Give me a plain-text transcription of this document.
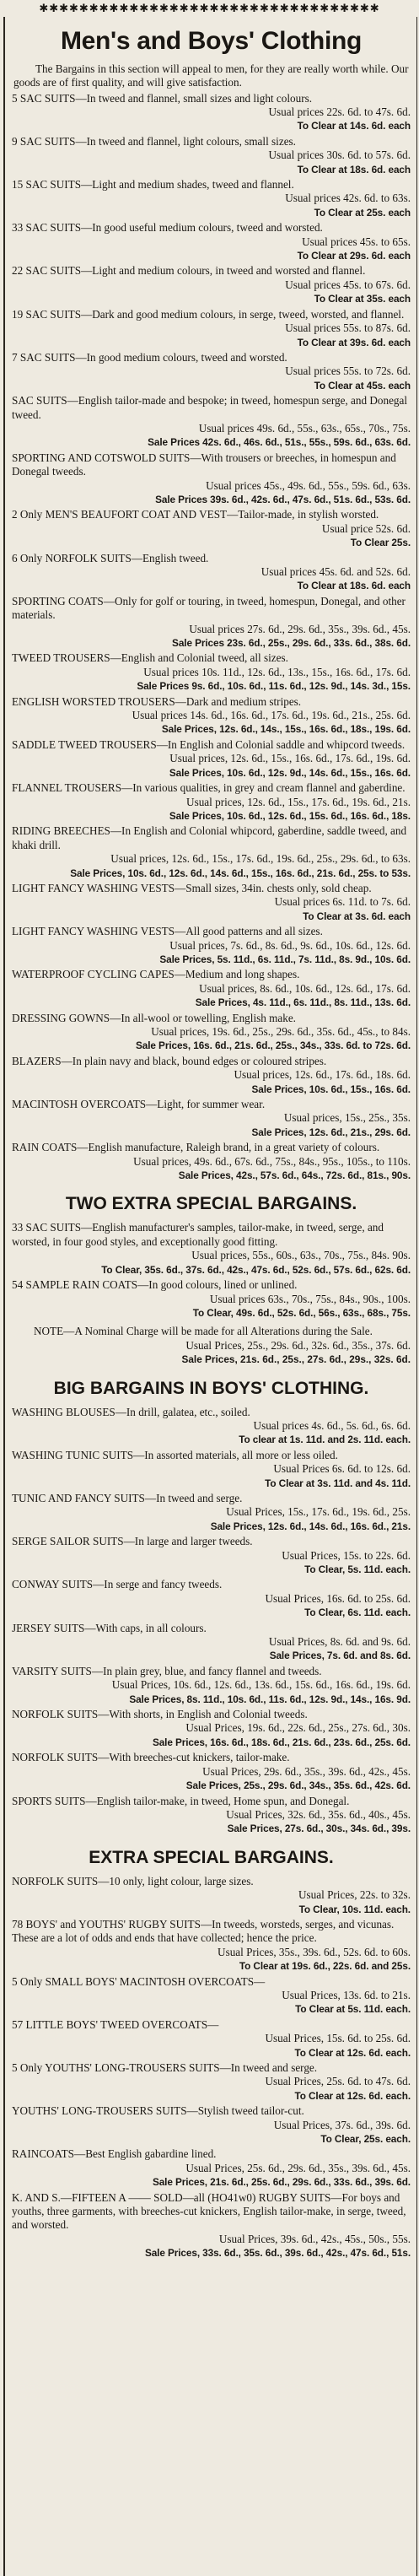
✱✱✱✱✱✱✱✱✱✱✱✱✱✱✱✱✱✱✱✱✱✱✱✱✱✱✱✱✱✱✱✱✱✱
Men's and Boys' Clothing

The Bargains in this section will appeal to men, for they are really worth while. Our goods are of first quality, and will give satisfaction.

5 SAC SUITS—In tweed and flannel, small sizes and light colours.
Usual prices 22s. 6d. to 47s. 6d.
To Clear at 14s. 6d. each
9 SAC SUITS—In tweed and flannel, light colours, small sizes.
Usual prices 30s. 6d. to 57s. 6d.
To Clear at 18s. 6d. each
15 SAC SUITS—Light and medium shades, tweed and flannel.
Usual prices 42s. 6d. to 63s.
To Clear at 25s. each
33 SAC SUITS—In good useful medium colours, tweed and worsted.
Usual prices 45s. to 65s.
To Clear at 29s. 6d. each
22 SAC SUITS—Light and medium colours, in tweed and worsted and flannel.
Usual prices 45s. to 67s. 6d.
To Clear at 35s. each
19 SAC SUITS—Dark and good medium colours, in serge, tweed, worsted, and flannel.
Usual prices 55s. to 87s. 6d.
To Clear at 39s. 6d. each
7 SAC SUITS—In good medium colours, tweed and worsted.
Usual prices 55s. to 72s. 6d.
To Clear at 45s. each
SAC SUITS—English tailor-made and bespoke; in tweed, homespun serge, and Donegal tweed.
Usual prices 49s. 6d., 55s., 63s., 65s., 70s., 75s.
Sale Prices 42s. 6d., 46s. 6d., 51s., 55s., 59s. 6d., 63s. 6d.
SPORTING AND COTSWOLD SUITS—With trousers or breeches, in homespun and Donegal tweeds.
Usual prices 45s., 49s. 6d., 55s., 59s. 6d., 63s.
Sale Prices 39s. 6d., 42s. 6d., 47s. 6d., 51s. 6d., 53s. 6d.
2 Only MEN'S BEAUFORT COAT AND VEST—Tailor-made, in stylish worsted.
Usual price 52s. 6d.
To Clear 25s.
6 Only NORFOLK SUITS—English tweed.
Usual prices 45s. 6d. and 52s. 6d.
To Clear at 18s. 6d. each
SPORTING COATS—Only for golf or touring, in tweed, homespun, Donegal, and other materials.
Usual prices 27s. 6d., 29s. 6d., 35s., 39s. 6d., 45s.
Sale Prices 23s. 6d., 25s., 29s. 6d., 33s. 6d., 38s. 6d.
TWEED TROUSERS—English and Colonial tweed, all sizes.
Usual prices 10s. 11d., 12s. 6d., 13s., 15s., 16s. 6d., 17s. 6d.
Sale Prices 9s. 6d., 10s. 6d., 11s. 6d., 12s. 9d., 14s. 3d., 15s.
ENGLISH WORSTED TROUSERS—Dark and medium stripes.
Usual prices 14s. 6d., 16s. 6d., 17s. 6d., 19s. 6d., 21s., 25s. 6d.
Sale Prices, 12s. 6d., 14s., 15s., 16s. 6d., 18s., 19s. 6d.
SADDLE TWEED TROUSERS—In English and Colonial saddle and whipcord tweeds.
Usual prices, 12s. 6d., 15s., 16s. 6d., 17s. 6d., 19s. 6d.
Sale Prices, 10s. 6d., 12s. 9d., 14s. 6d., 15s., 16s. 6d.
FLANNEL TROUSERS—In various qualities, in grey and cream flannel and gaberdine.
Usual prices, 12s. 6d., 15s., 17s. 6d., 19s. 6d., 21s.
Sale Prices, 10s. 6d., 12s. 6d., 15s. 6d., 16s. 6d., 18s.
RIDING BREECHES—In English and Colonial whipcord, gaberdine, saddle tweed, and khaki drill.
Usual prices, 12s. 6d., 15s., 17s. 6d., 19s. 6d., 25s., 29s. 6d., to 63s.
Sale Prices, 10s. 6d., 12s. 6d., 14s. 6d., 15s., 16s. 6d., 21s. 6d., 25s. to 53s.
LIGHT FANCY WASHING VESTS—Small sizes, 34in. chests only, sold cheap.
Usual prices 6s. 11d. to 7s. 6d.
To Clear at 3s. 6d. each
LIGHT FANCY WASHING VESTS—All good patterns and all sizes.
Usual prices, 7s. 6d., 8s. 6d., 9s. 6d., 10s. 6d., 12s. 6d.
Sale Prices, 5s. 11d., 6s. 11d., 7s. 11d., 8s. 9d., 10s. 6d.
WATERPROOF CYCLING CAPES—Medium and long shapes.
Usual prices, 8s. 6d., 10s. 6d., 12s. 6d., 17s. 6d.
Sale Prices, 4s. 11d., 6s. 11d., 8s. 11d., 13s. 6d.
DRESSING GOWNS—In all-wool or towelling, English make.
Usual prices, 19s. 6d., 25s., 29s. 6d., 35s. 6d., 45s., to 84s.
Sale Prices, 16s. 6d., 21s. 6d., 25s., 34s., 33s. 6d. to 72s. 6d.
BLAZERS—In plain navy and black, bound edges or coloured stripes.
Usual prices, 12s. 6d., 17s. 6d., 18s. 6d.
Sale Prices, 10s. 6d., 15s., 16s. 6d.
MACINTOSH OVERCOATS—Light, for summer wear.
Usual prices, 15s., 25s., 35s.
Sale Prices, 12s. 6d., 21s., 29s. 6d.
RAIN COATS—English manufacture, Raleigh brand, in a great variety of colours.
Usual prices, 49s. 6d., 67s. 6d., 75s., 84s., 95s., 105s., to 110s.
Sale Prices, 42s., 57s. 6d., 64s., 72s. 6d., 81s., 90s.
TWO EXTRA SPECIAL BARGAINS.
33 SAC SUITS—English manufacturer's samples, tailor-make, in tweed, serge, and worsted, in four good styles, and exceptionally good fitting.
Usual prices, 55s., 60s., 63s., 70s., 75s., 84s. 90s.
To Clear, 35s. 6d., 37s. 6d., 42s., 47s. 6d., 52s. 6d., 57s. 6d., 62s. 6d.
54 SAMPLE RAIN COATS—In good colours, lined or unlined.
Usual prices 63s., 70s., 75s., 84s., 90s., 100s.
To Clear, 49s. 6d., 52s. 6d., 56s., 63s., 68s., 75s.
NOTE—A Nominal Charge will be made for all Alterations during the Sale.
Usual Prices, 25s., 29s. 6d., 32s. 6d., 35s., 37s. 6d.
Sale Prices, 21s. 6d., 25s., 27s. 6d., 29s., 32s. 6d.
BIG BARGAINS IN BOYS' CLOTHING.
WASHING BLOUSES—In drill, galatea, etc., soiled.
Usual prices 4s. 6d., 5s. 6d., 6s. 6d.
To clear at 1s. 11d. and 2s. 11d. each.
WASHING TUNIC SUITS—In assorted materials, all more or less oiled.
Usual Prices 6s. 6d. to 12s. 6d.
To Clear at 3s. 11d. and 4s. 11d.
TUNIC AND FANCY SUITS—In tweed and serge.
Usual Prices, 15s., 17s. 6d., 19s. 6d., 25s.
Sale Prices, 12s. 6d., 14s. 6d., 16s. 6d., 21s.
SERGE SAILOR SUITS—In large and larger tweeds.
Usual Prices, 15s. to 22s. 6d.
To Clear, 5s. 11d. each.
CONWAY SUITS—In serge and fancy tweeds.
Usual Prices, 16s. 6d. to 25s. 6d.
To Clear, 6s. 11d. each.
JERSEY SUITS—With caps, in all colours.
Usual Prices, 8s. 6d. and 9s. 6d.
Sale Prices, 7s. 6d. and 8s. 6d.
VARSITY SUITS—In plain grey, blue, and fancy flannel and tweeds.
Usual Prices, 10s. 6d., 12s. 6d., 13s. 6d., 15s. 6d., 16s. 6d., 19s. 6d.
Sale Prices, 8s. 11d., 10s. 6d., 11s. 6d., 12s. 9d., 14s., 16s. 9d.
NORFOLK SUITS—With shorts, in English and Colonial tweeds.
Usual Prices, 19s. 6d., 22s. 6d., 25s., 27s. 6d., 30s.
Sale Prices, 16s. 6d., 18s. 6d., 21s. 6d., 23s. 6d., 25s. 6d.
NORFOLK SUITS—With breeches-cut knickers, tailor-make.
Usual Prices, 29s. 6d., 35s., 39s. 6d., 42s., 45s.
Sale Prices, 25s., 29s. 6d., 34s., 35s. 6d., 42s. 6d.
SPORTS SUITS—English tailor-make, in tweed, Home spun, and Donegal.
Usual Prices, 32s. 6d., 35s. 6d., 40s., 45s.
Sale Prices, 27s. 6d., 30s., 34s. 6d., 39s.
EXTRA SPECIAL BARGAINS.
NORFOLK SUITS—10 only, light colour, large sizes.
Usual Prices, 22s. to 32s.
To Clear, 10s. 11d. each.
78 BOYS' and YOUTHS' RUGBY SUITS—In tweeds, worsteds, serges, and vicunas. These are a lot of odds and ends that have collected; hence the price.
Usual Prices, 35s., 39s. 6d., 52s. 6d. to 60s.
To Clear at 19s. 6d., 22s. 6d. and 25s.
5 Only SMALL BOYS' MACINTOSH OVERCOATS—
Usual Prices, 13s. 6d. to 21s.
To Clear at 5s. 11d. each.
57 LITTLE BOYS' TWEED OVERCOATS—
Usual Prices, 15s. 6d. to 25s. 6d.
To Clear at 12s. 6d. each.
5 Only YOUTHS' LONG-TROUSERS SUITS—In tweed and serge.
Usual Prices, 25s. 6d. to 47s. 6d.
To Clear at 12s. 6d. each.
YOUTHS' LONG-TROUSERS SUITS—Stylish tweed tailor-cut.
Usual Prices, 37s. 6d., 39s. 6d.
To Clear, 25s. each.
RAINCOATS—Best English gabardine lined.
Usual Prices, 25s. 6d., 29s. 6d., 35s., 39s. 6d., 45s.
Sale Prices, 21s. 6d., 25s. 6d., 29s. 6d., 33s. 6d., 39s. 6d.
K. AND S.—FIFTEEN A —— SOLD—all (HO41w0) RUGBY SUITS—For boys and youths, three garments, with breeches-cut knickers, English tailor-make, in serge, tweed, and worsted.
Usual Prices, 39s. 6d., 42s., 45s., 50s., 55s.
Sale Prices, 33s. 6d., 35s. 6d., 39s. 6d., 42s., 47s. 6d., 51s.
